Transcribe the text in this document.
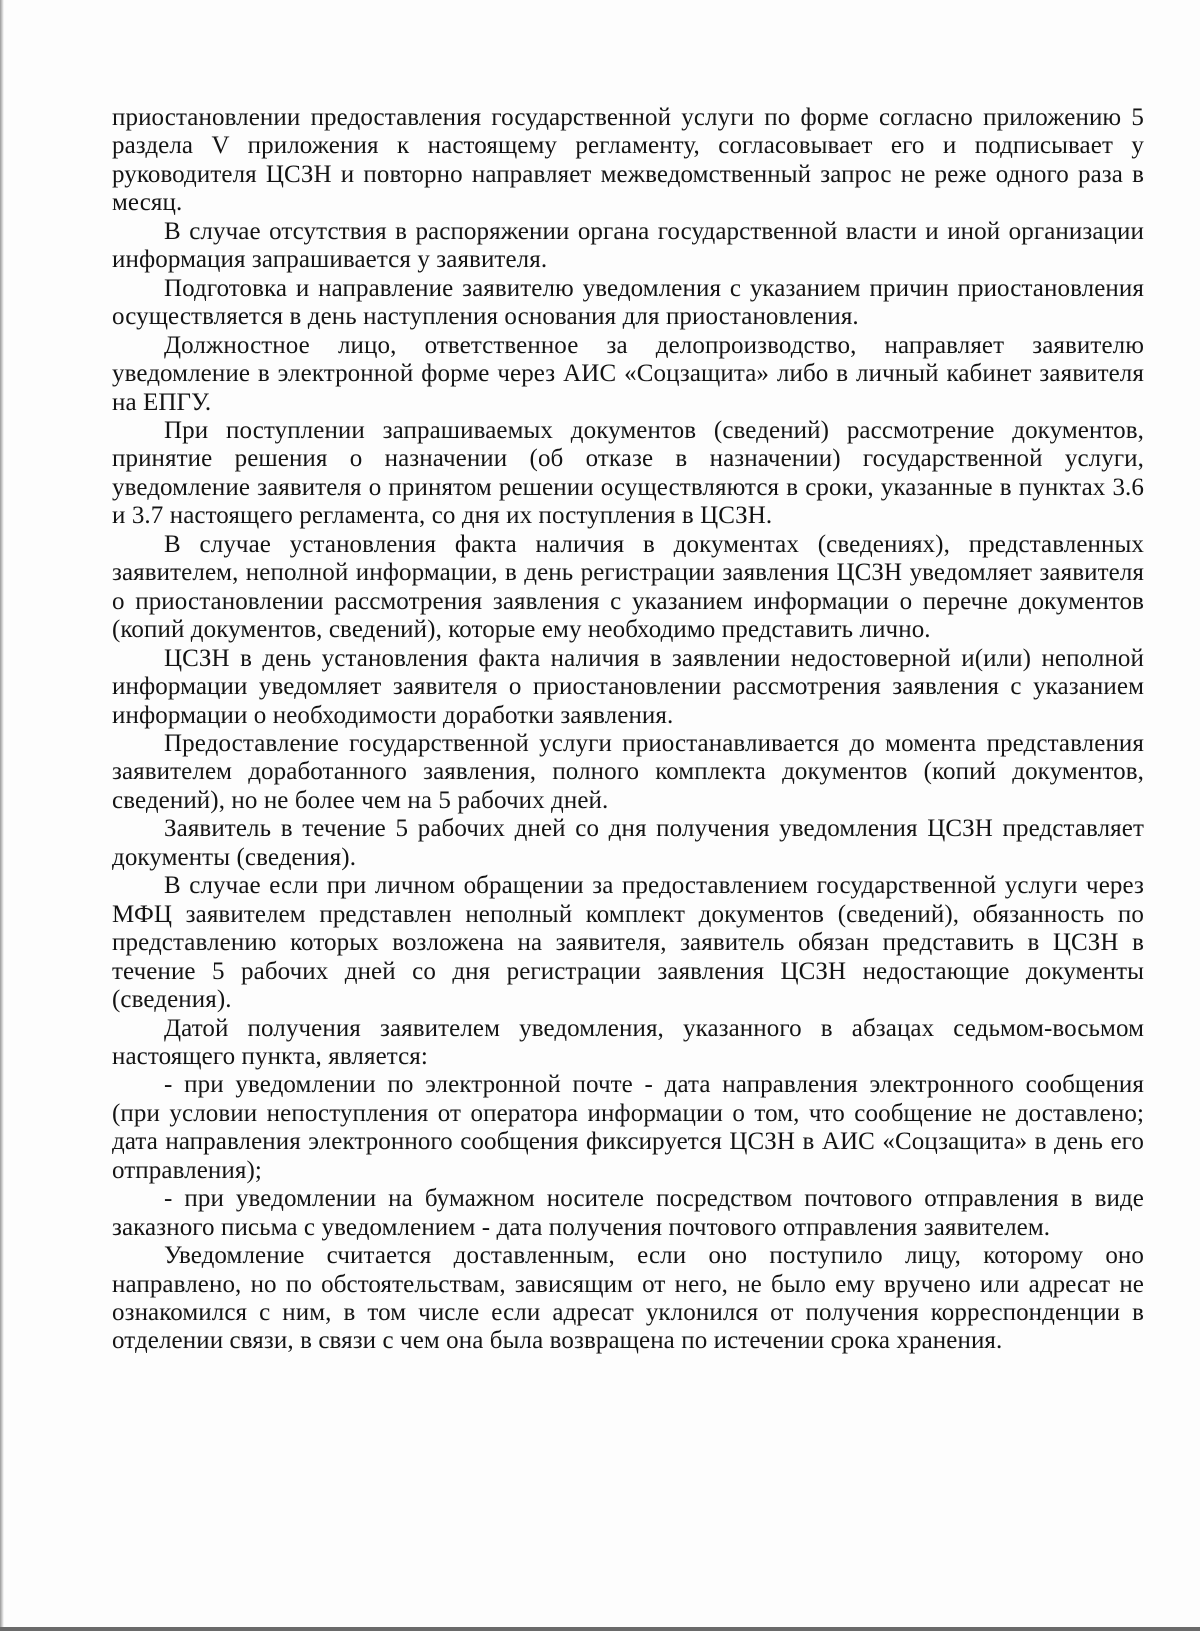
приостановлении предоставления государственной услуги по форме согласно приложению 5 раздела V приложения к настоящему регламенту, согласовывает его и подписывает у руководителя ЦСЗН и повторно направляет межведомственный запрос не реже одного раза в месяц.

В случае отсутствия в распоряжении органа государственной власти и иной организации информация запрашивается у заявителя.

Подготовка и направление заявителю уведомления с указанием причин приостановления осуществляется в день наступления основания для приостановления.

Должностное лицо, ответственное за делопроизводство, направляет заявителю уведомление в электронной форме через АИС «Соцзащита» либо в личный кабинет заявителя на ЕПГУ.

При поступлении запрашиваемых документов (сведений) рассмотрение документов, принятие решения о назначении (об отказе в назначении) государственной услуги, уведомление заявителя о принятом решении осуществляются в сроки, указанные в пунктах 3.6 и 3.7 настоящего регламента, со дня их поступления в ЦСЗН.

В случае установления факта наличия в документах (сведениях), представленных заявителем, неполной информации, в день регистрации заявления ЦСЗН уведомляет заявителя о приостановлении рассмотрения заявления с указанием информации о перечне документов (копий документов, сведений), которые ему необходимо представить лично.

ЦСЗН в день установления факта наличия в заявлении недостоверной и(или) неполной информации уведомляет заявителя о приостановлении рассмотрения заявления с указанием информации о необходимости доработки заявления.

Предоставление государственной услуги приостанавливается до момента представления заявителем доработанного заявления, полного комплекта документов (копий документов, сведений), но не более чем на 5 рабочих дней.

Заявитель в течение 5 рабочих дней со дня получения уведомления ЦСЗН представляет документы (сведения).

В случае если при личном обращении за предоставлением государственной услуги через МФЦ заявителем представлен неполный комплект документов (сведений), обязанность по представлению которых возложена на заявителя, заявитель обязан представить в ЦСЗН в течение 5 рабочих дней со дня регистрации заявления ЦСЗН недостающие документы (сведения).

Датой получения заявителем уведомления, указанного в абзацах седьмом-восьмом настоящего пункта, является:

- при уведомлении по электронной почте - дата направления электронного сообщения (при условии непоступления от оператора информации о том, что сообщение не доставлено; дата направления электронного сообщения фиксируется ЦСЗН в АИС «Соцзащита» в день его отправления);

- при уведомлении на бумажном носителе посредством почтового отправления в виде заказного письма с уведомлением - дата получения почтового отправления заявителем.

Уведомление считается доставленным, если оно поступило лицу, которому оно направлено, но по обстоятельствам, зависящим от него, не было ему вручено или адресат не ознакомился с ним, в том числе если адресат уклонился от получения корреспонденции в отделении связи, в связи с чем она была возвращена по истечении срока хранения.
